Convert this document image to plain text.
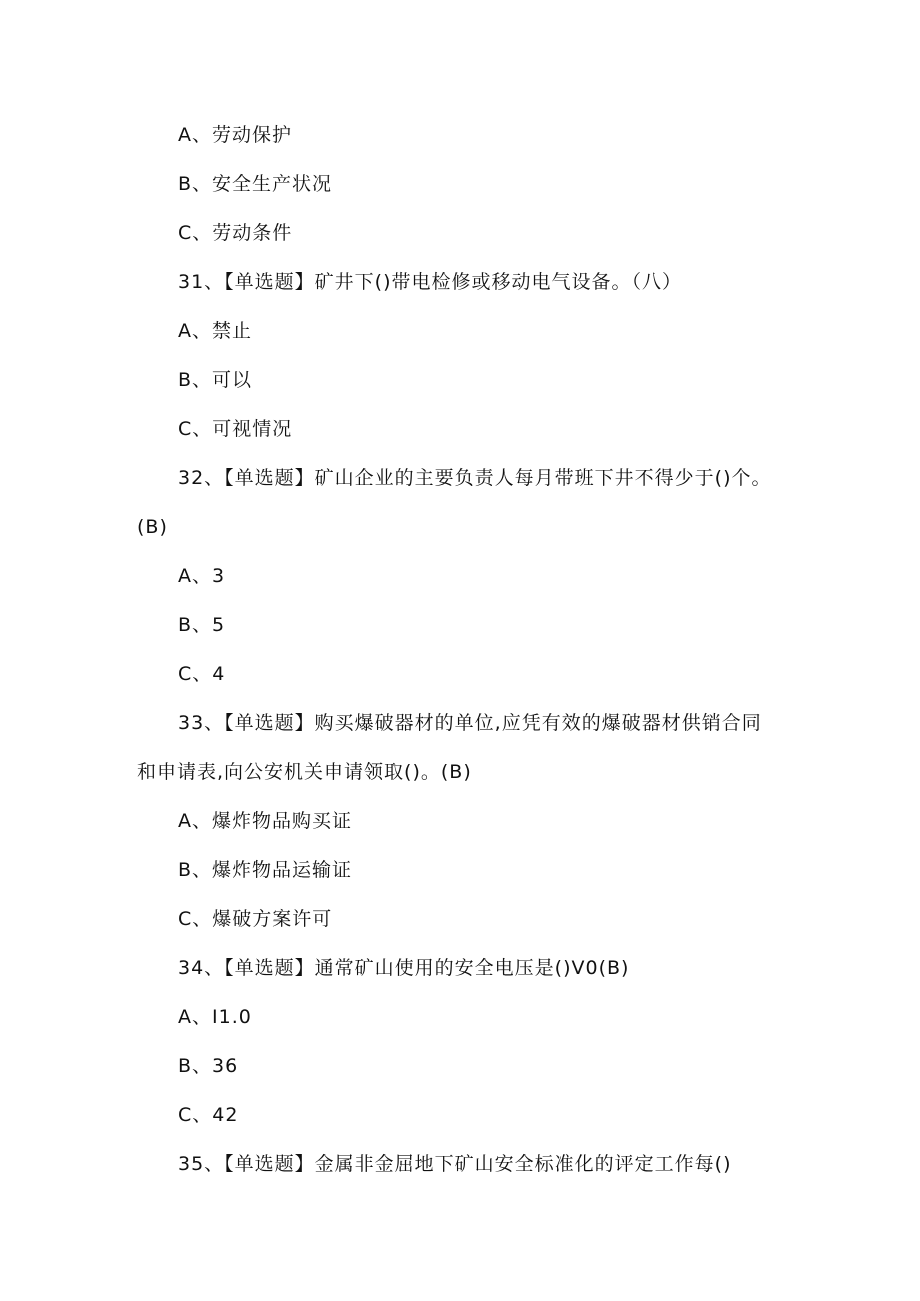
A、劳动保护
B、安全生产状况
C、劳动条件
31、【单选题】矿井下()带电检修或移动电气设备。（八）
A、禁止
B、可以
C、可视情况
32、【单选题】矿山企业的主要负责人每月带班下井不得少于()个。
(B)
A、3
B、5
C、4
33、【单选题】购买爆破器材的单位,应凭有效的爆破器材供销合同
和申请表,向公安机关申请领取()。(B)
A、爆炸物品购买证
B、爆炸物品运输证
C、爆破方案许可
34、【单选题】通常矿山使用的安全电压是()V0(B)
A、I1.0
B、36
C、42
35、【单选题】金属非金屈地下矿山安全标准化的评定工作每()
